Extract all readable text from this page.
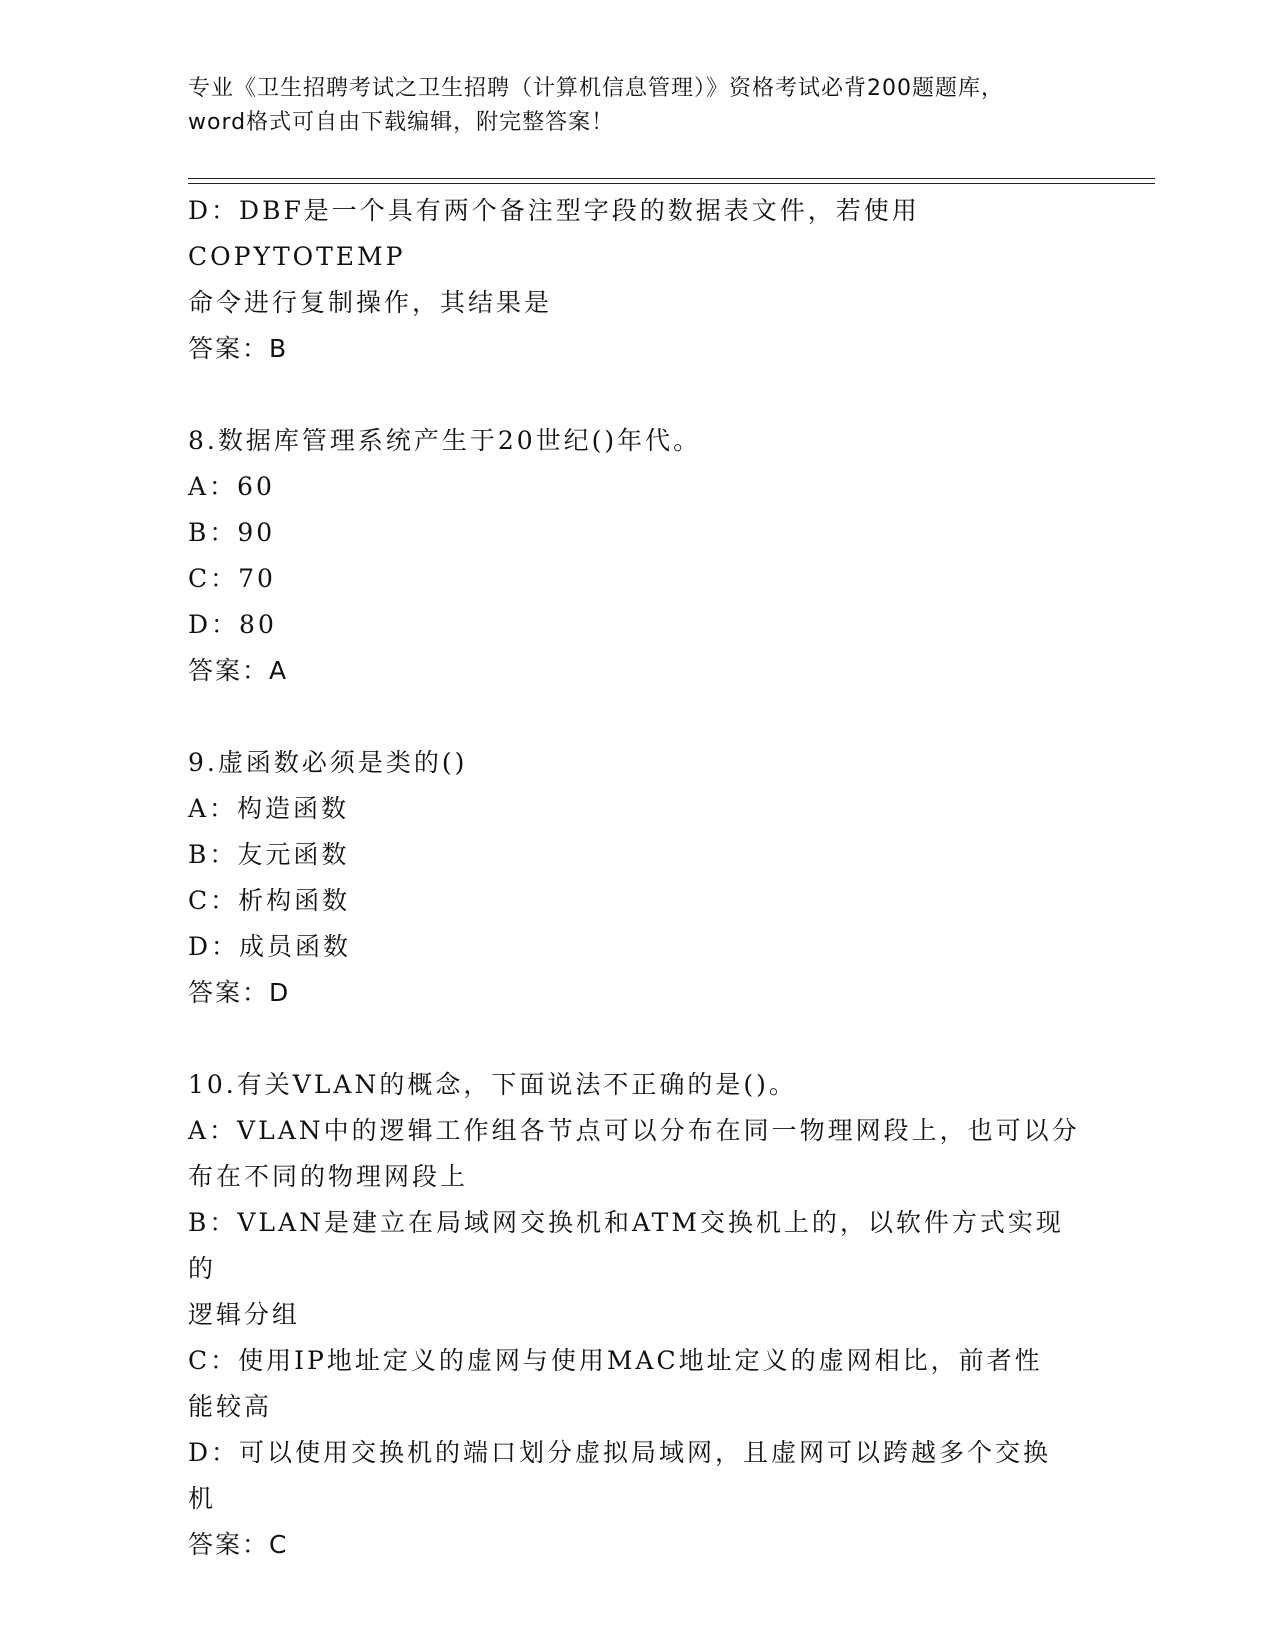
专业《卫生招聘考试之卫生招聘（计算机信息管理）》资格考试必背200题题库，
word格式可自由下载编辑，附完整答案！
D：DBF是一个具有两个备注型字段的数据表文件，若使用COPYTOTEMP
命令进行复制操作，其结果是
答案：B
8.数据库管理系统产生于20世纪()年代。
A：60
B：90
C：70
D：80
答案：A
9.虚函数必须是类的()
A：构造函数
B：友元函数
C：析构函数
D：成员函数
答案：D
10.有关VLAN的概念，下面说法不正确的是()。
A：VLAN中的逻辑工作组各节点可以分布在同一物理网段上，也可以分
布在不同的物理网段上
B：VLAN是建立在局域网交换机和ATM交换机上的，以软件方式实现的
逻辑分组
C：使用IP地址定义的虚网与使用MAC地址定义的虚网相比，前者性
能较高
D：可以使用交换机的端口划分虚拟局域网，且虚网可以跨越多个交换
机
答案：C
